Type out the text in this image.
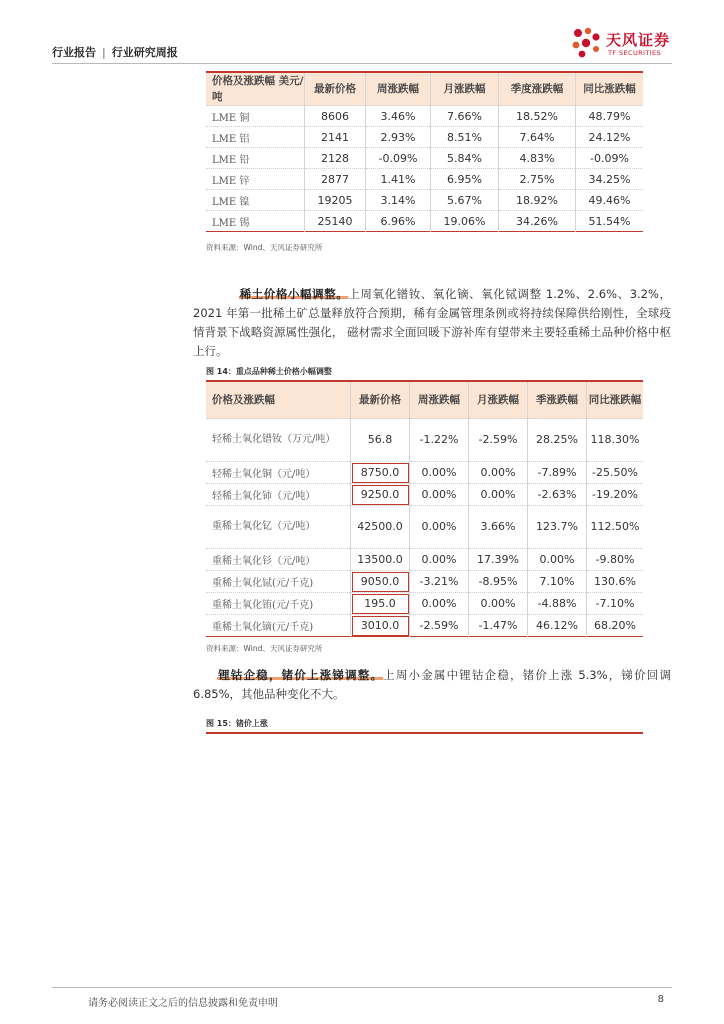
行业报告 | 行业研究周报
天风证券
TF SECURITIES
价格及涨跌幅 美元/吨	最新价格	周涨跌幅	月涨跌幅	季度涨跌幅	同比涨跌幅
LME 铜	8606	3.46%	7.66%	18.52%	48.79%
LME 铝	2141	2.93%	8.51%	7.64%	24.12%
LME 铅	2128	-0.09%	5.84%	4.83%	-0.09%
LME 锌	2877	1.41%	6.95%	2.75%	34.25%
LME 镍	19205	3.14%	5.67%	18.92%	49.46%
LME 锡	25140	6.96%	19.06%	34.26%	51.54%
资料来源：Wind、天风证券研究所
稀土价格小幅调整。上周氧化镨钕、氧化镝、氧化铽调整 1.2%、2.6%、3.2%，2021 年第一批稀土矿总量释放符合预期，稀有金属管理条例或将持续保障供给刚性，全球疫情背景下战略资源属性强化， 磁材需求全面回暖下游补库有望带来主要轻重稀土品种价格中枢上行。
图 14：重点品种稀土价格小幅调整
价格及涨跌幅	最新价格	周涨跌幅	月涨跌幅	季涨跌幅	同比涨跌幅
轻稀土氧化镨钕（万元/吨）	56.8	-1.22%	-2.59%	28.25%	118.30%
轻稀土氧化铜（元/吨）	8750.0	0.00%	0.00%	-7.89%	-25.50%
轻稀土氧化铈（元/吨）	9250.0	0.00%	0.00%	-2.63%	-19.20%
重稀土氧化钇（元/吨）	42500.0	0.00%	3.66%	123.7%	112.50%
重稀土氧化钐（元/吨）	13500.0	0.00%	17.39%	0.00%	-9.80%
重稀土氧化铽(元/千克)	9050.0	-3.21%	-8.95%	7.10%	130.6%
重稀土氧化铕(元/千克)	195.0	0.00%	0.00%	-4.88%	-7.10%
重稀土氧化镝(元/千克)	3010.0	-2.59%	-1.47%	46.12%	68.20%
资料来源：Wind、天风证券研究所
锂钴企稳，锗价上涨锑调整。上周小金属中锂钴企稳，锗价上涨 5.3%，锑价回调 6.85%，其他品种变化不大。
图 15：锗价上涨
请务必阅读正文之后的信息披露和免责申明	8
